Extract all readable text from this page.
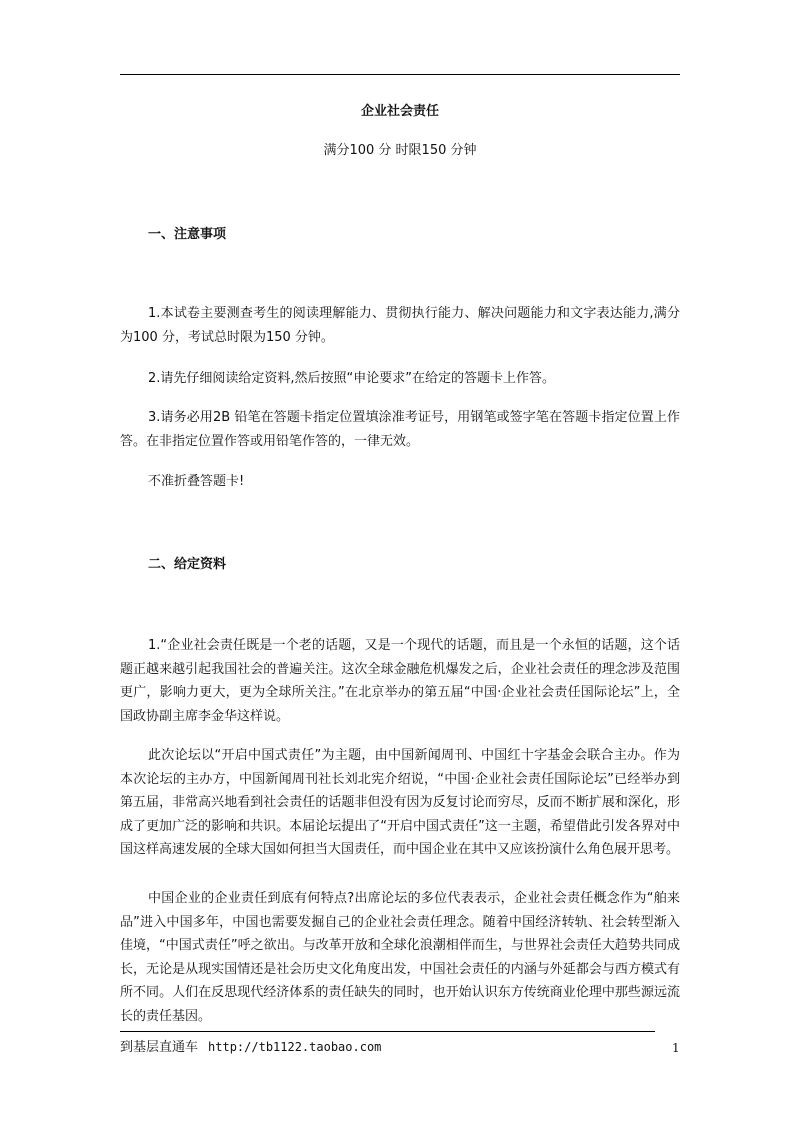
企业社会责任
满分100 分 时限150 分钟
一、注意事项
1.本试卷主要测查考生的阅读理解能力、贯彻执行能力、解决问题能力和文字表达能力,满分为100 分，考试总时限为150 分钟。
2.请先仔细阅读给定资料,然后按照“申论要求”在给定的答题卡上作答。
3.请务必用2B 铅笔在答题卡指定位置填涂准考证号，用钢笔或签字笔在答题卡指定位置上作答。在非指定位置作答或用铅笔作答的，一律无效。
不准折叠答题卡!
二、给定资料
1.“企业社会责任既是一个老的话题，又是一个现代的话题，而且是一个永恒的话题，这个话题正越来越引起我国社会的普遍关注。这次全球金融危机爆发之后，企业社会责任的理念涉及范围更广，影响力更大，更为全球所关注。”在北京举办的第五届“中国·企业社会责任国际论坛”上，全国政协副主席李金华这样说。
此次论坛以“开启中国式责任”为主题，由中国新闻周刊、中国红十字基金会联合主办。作为本次论坛的主办方，中国新闻周刊社长刘北宪介绍说，“中国·企业社会责任国际论坛”已经举办到第五届，非常高兴地看到社会责任的话题非但没有因为反复讨论而穷尽，反而不断扩展和深化，形成了更加广泛的影响和共识。本届论坛提出了“开启中国式责任”这一主题，希望借此引发各界对中国这样高速发展的全球大国如何担当大国责任，而中国企业在其中又应该扮演什么角色展开思考。
中国企业的企业责任到底有何特点?出席论坛的多位代表表示，企业社会责任概念作为“舶来品”进入中国多年，中国也需要发掘自己的企业社会责任理念。随着中国经济转轨、社会转型渐入佳境，“中国式责任”呼之欲出。与改革开放和全球化浪潮相伴而生，与世界社会责任大趋势共同成长，无论是从现实国情还是社会历史文化角度出发，中国社会责任的内涵与外延都会与西方模式有所不同。人们在反思现代经济体系的责任缺失的同时，也开始认识东方传统商业伦理中那些源远流长的责任基因。
到基层直通车 http://tb1122.taobao.com	1
